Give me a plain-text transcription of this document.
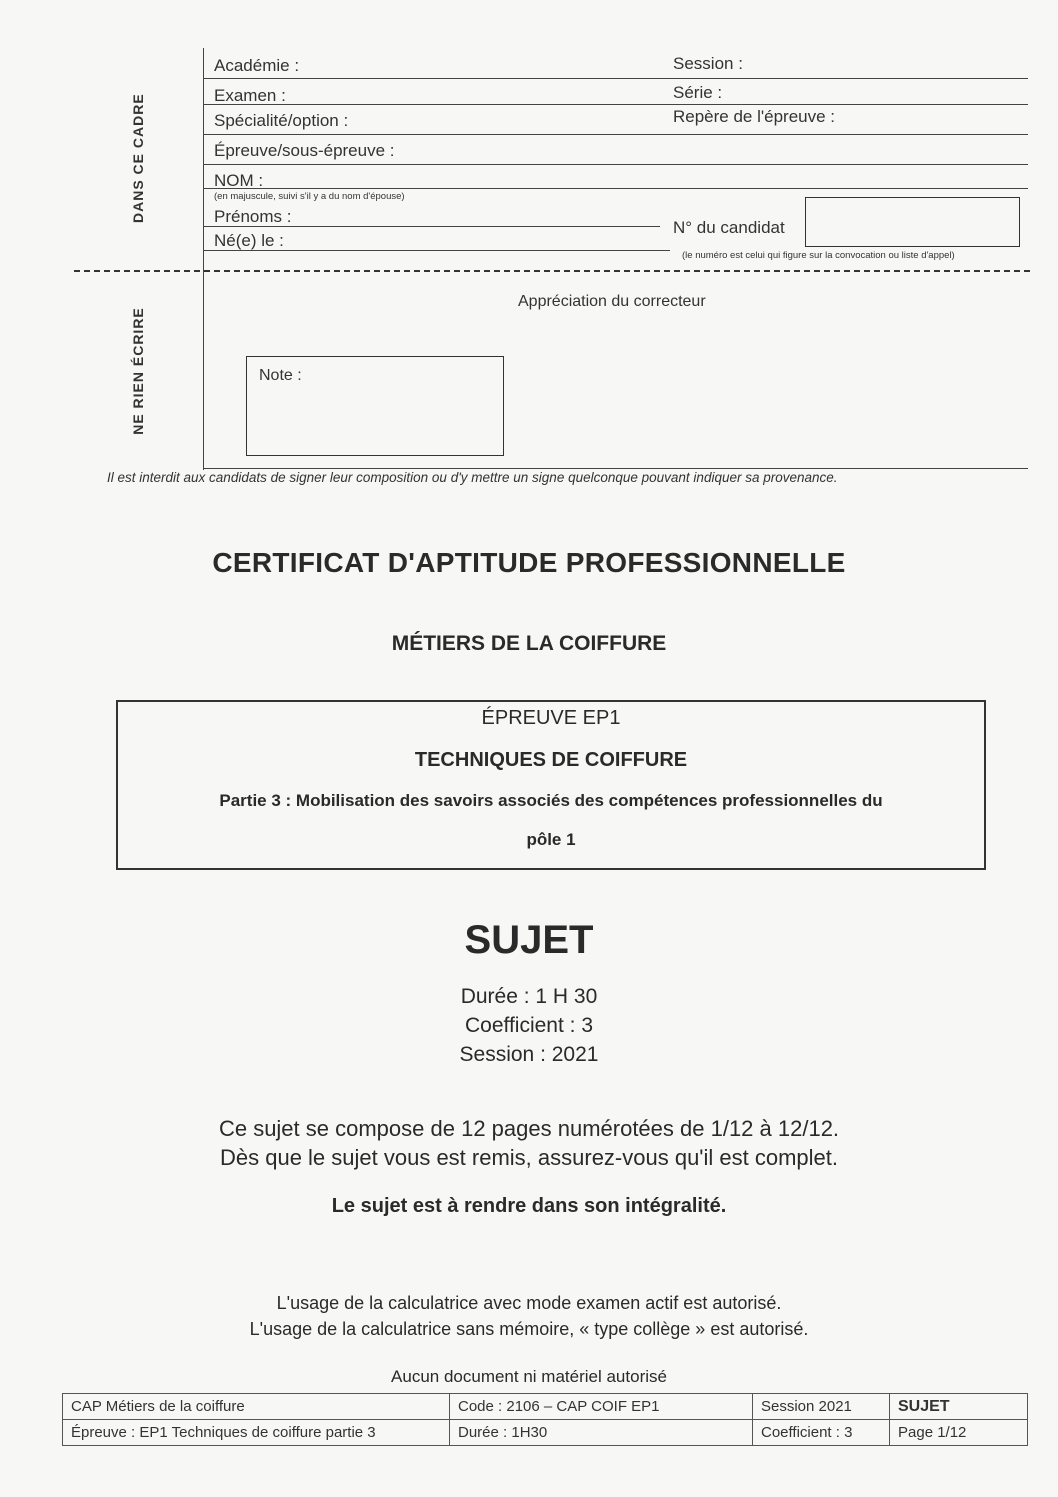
Académie :
Examen :
Spécialité/option :
Épreuve/sous-épreuve :
NOM :
(en majuscule, suivi s'il y a du nom d'épouse)
Prénoms :
Né(e) le :
Session :
Série :
Repère de l'épreuve :
N° du candidat
(le numéro est celui qui figure sur la convocation ou liste d'appel)
DANS CE CADRE
NE RIEN ÉCRIRE
Appréciation du correcteur
Note :
Il est interdit aux candidats de signer leur composition ou d'y mettre un signe quelconque pouvant indiquer sa provenance.
CERTIFICAT D'APTITUDE PROFESSIONNELLE
MÉTIERS DE LA COIFFURE
ÉPREUVE EP1
TECHNIQUES DE COIFFURE
Partie 3 : Mobilisation des savoirs associés des compétences professionnelles du
pôle 1
SUJET
Durée : 1 H 30
Coefficient : 3
Session : 2021
Ce sujet se compose de 12 pages numérotées de 1/12 à 12/12.
Dès que le sujet vous est remis, assurez-vous qu'il est complet.
Le sujet est à rendre dans son intégralité.
L'usage de la calculatrice avec mode examen actif est autorisé.
L'usage de la calculatrice sans mémoire, « type collège » est autorisé.
Aucun document ni matériel autorisé
CAP Métiers de la coiffure	Code : 2106 – CAP COIF EP1	Session 2021	SUJET
Épreuve : EP1 Techniques de coiffure partie 3	Durée : 1H30	Coefficient : 3	Page 1/12
